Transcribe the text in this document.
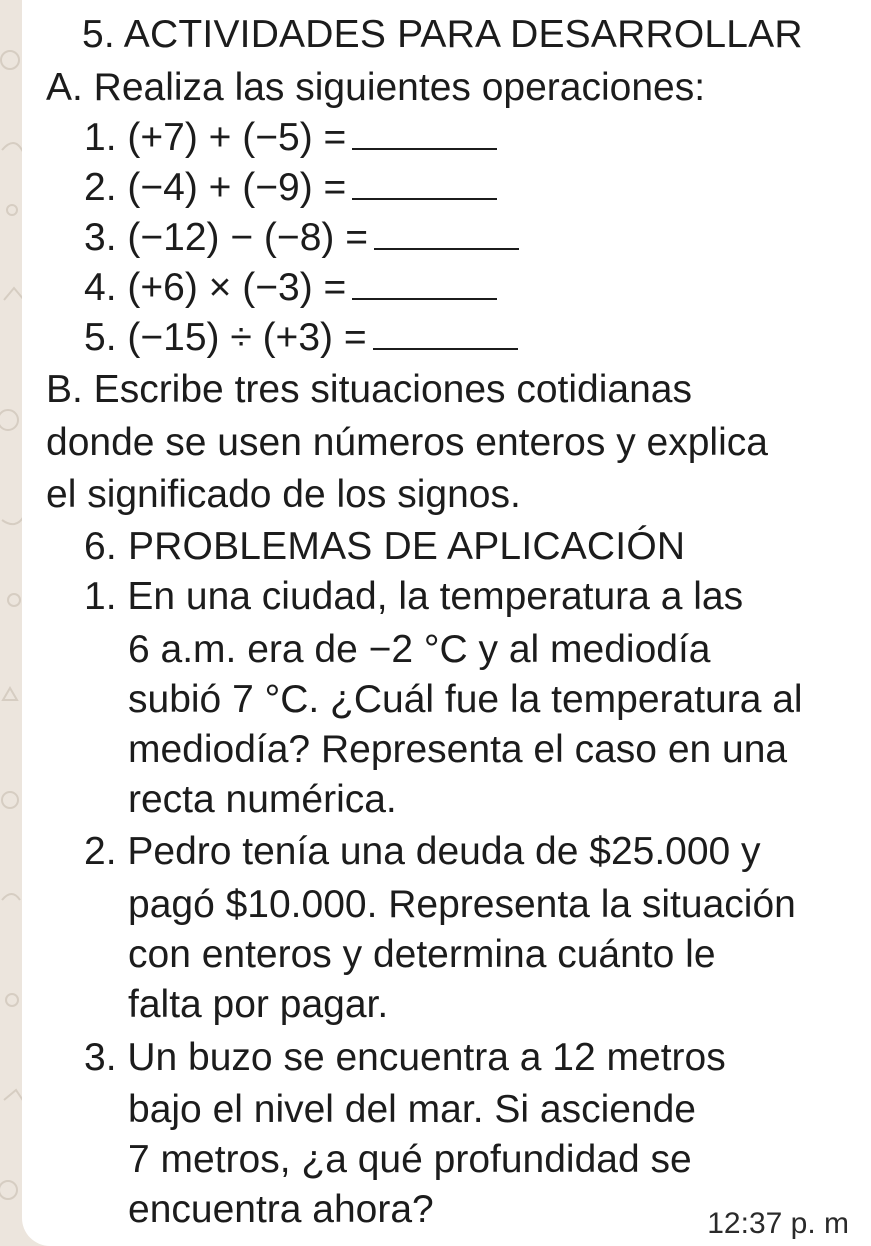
5. ACTIVIDADES PARA DESARROLLAR
A. Realiza las siguientes operaciones:
1. (+7) + (−5) =
2. (−4) + (−9) =
3. (−12) − (−8) =
4. (+6) × (−3) =
5. (−15) ÷ (+3) =
B. Escribe tres situaciones cotidianas
donde se usen números enteros y explica
el significado de los signos.
6. PROBLEMAS DE APLICACIÓN
1. En una ciudad, la temperatura a las
6 a.m. era de −2 °C y al mediodía
subió 7 °C. ¿Cuál fue la temperatura al
mediodía? Representa el caso en una
recta numérica.
2. Pedro tenía una deuda de $25.000 y
pagó $10.000. Representa la situación
con enteros y determina cuánto le
falta por pagar.
3. Un buzo se encuentra a 12 metros
bajo el nivel del mar. Si asciende
7 metros, ¿a qué profundidad se
encuentra ahora?	12:37 p. m
